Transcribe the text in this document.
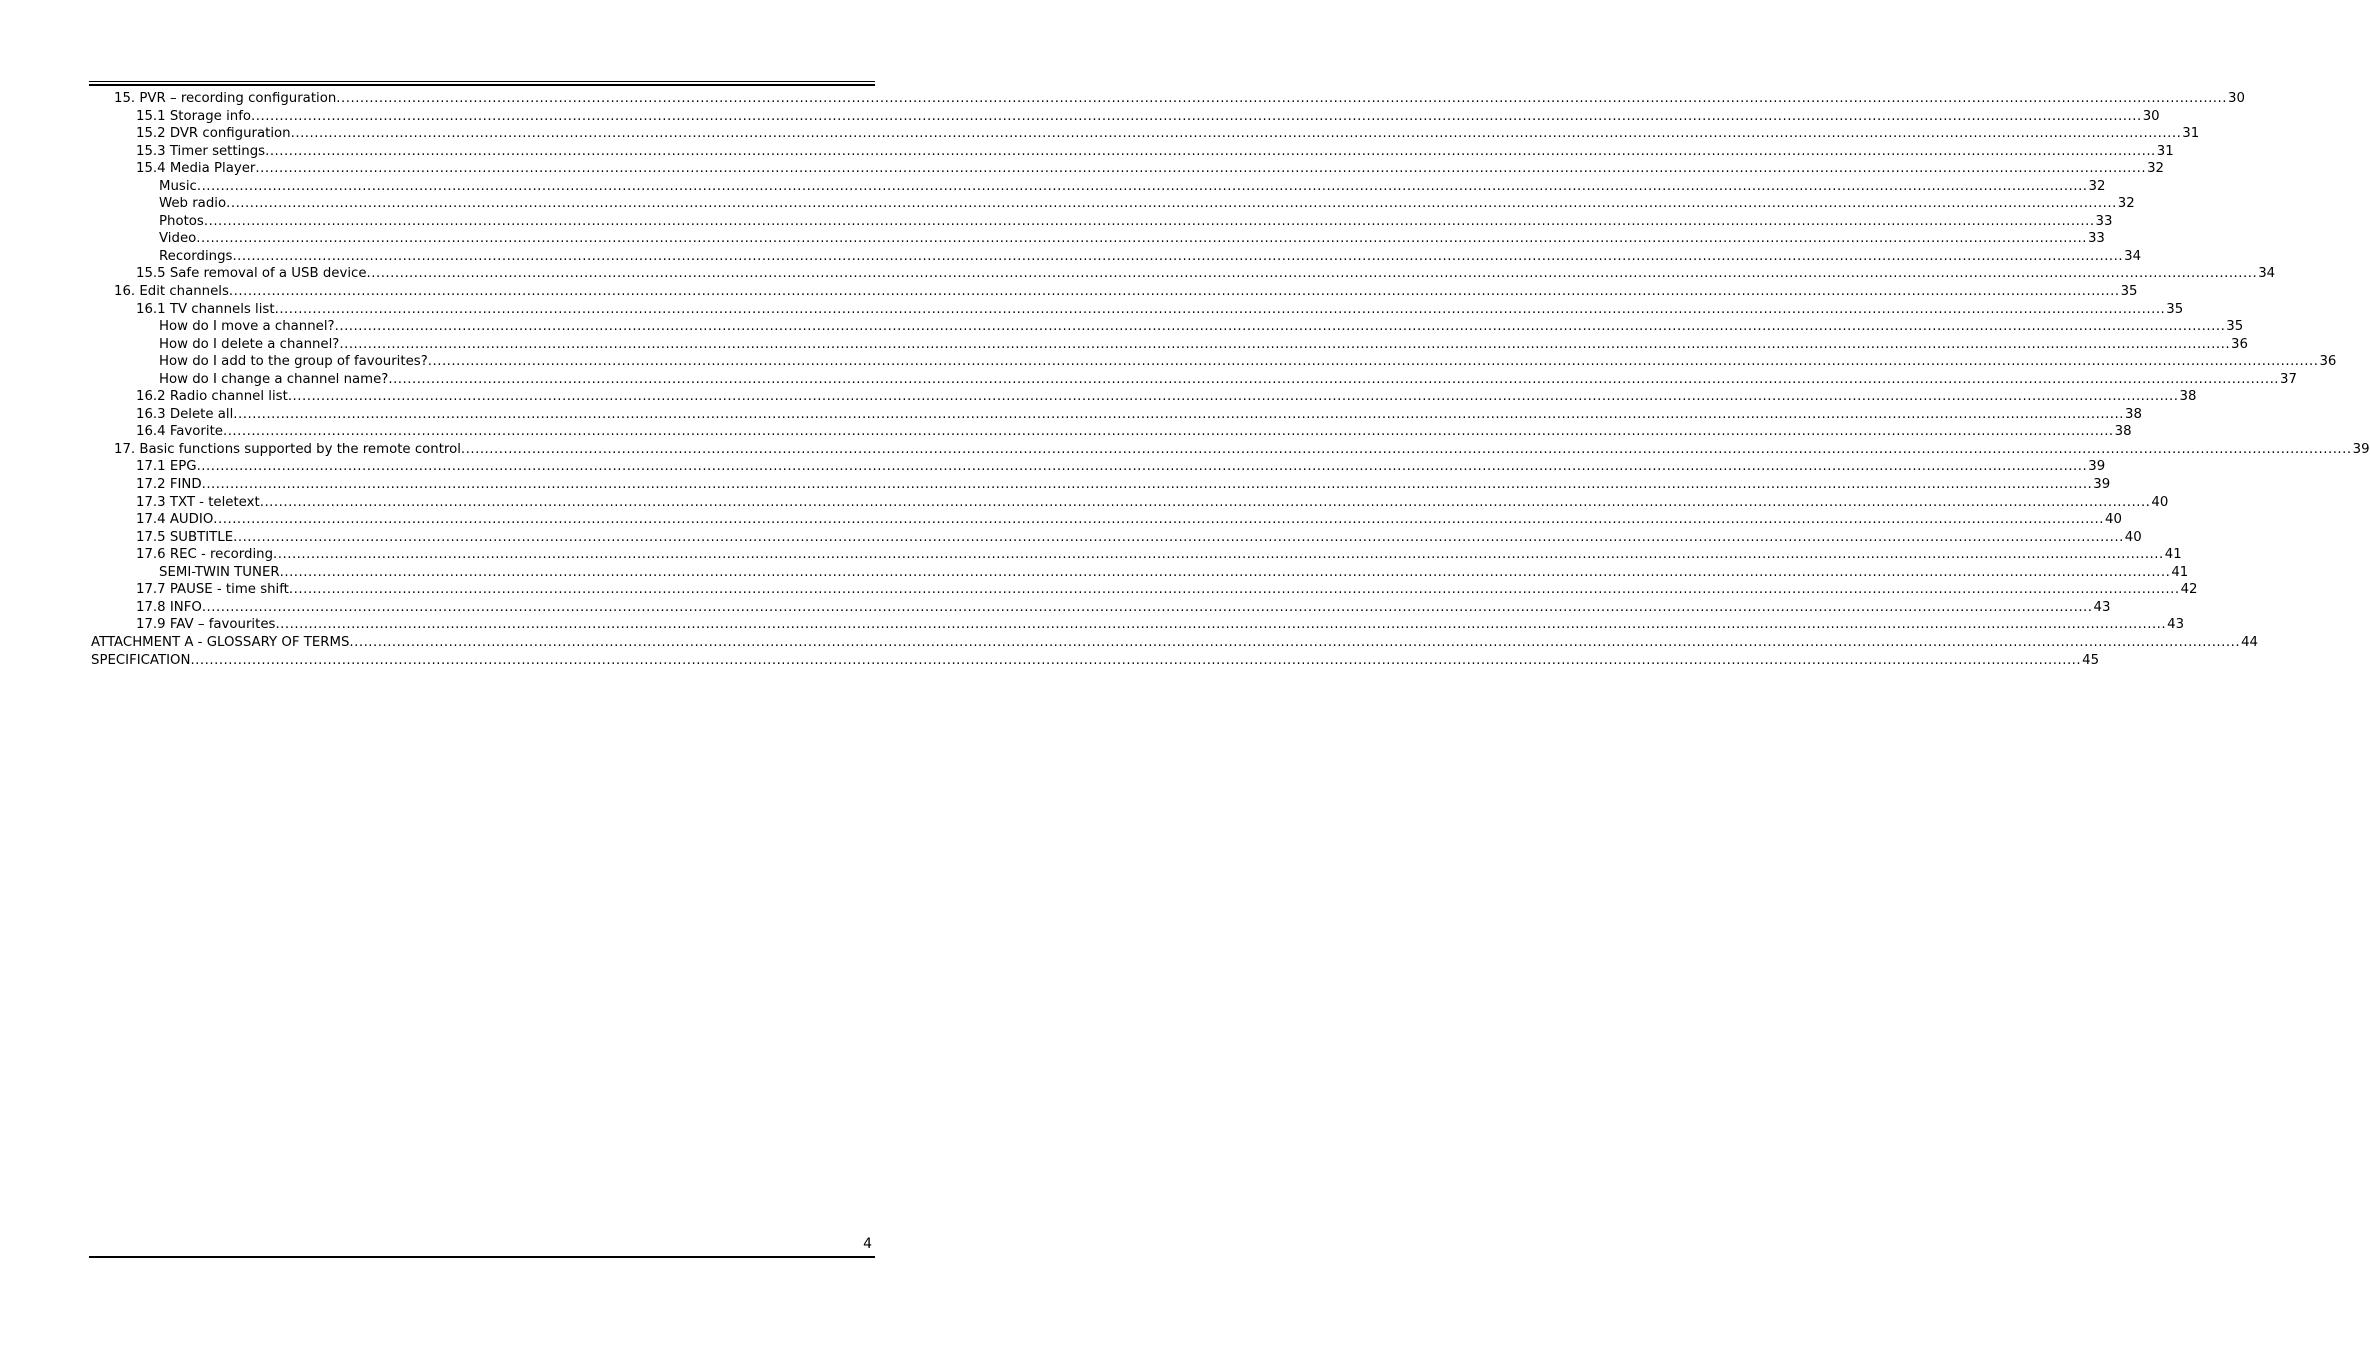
15. PVR – recording configuration ................................................................................................................................................................................................................................................................................................................................................................................................................ 30
15.1 Storage info ................................................................................................................................................................................................................................................................................................................................................................................................................ 30
15.2 DVR configuration ................................................................................................................................................................................................................................................................................................................................................................................................................ 31
15.3 Timer settings ................................................................................................................................................................................................................................................................................................................................................................................................................ 31
15.4 Media Player ................................................................................................................................................................................................................................................................................................................................................................................................................ 32
Music ................................................................................................................................................................................................................................................................................................................................................................................................................ 32
Web radio ................................................................................................................................................................................................................................................................................................................................................................................................................ 32
Photos ................................................................................................................................................................................................................................................................................................................................................................................................................ 33
Video ................................................................................................................................................................................................................................................................................................................................................................................................................ 33
Recordings ................................................................................................................................................................................................................................................................................................................................................................................................................ 34
15.5 Safe removal of a USB device ................................................................................................................................................................................................................................................................................................................................................................................................................ 34
16. Edit channels ................................................................................................................................................................................................................................................................................................................................................................................................................ 35
16.1 TV channels list ................................................................................................................................................................................................................................................................................................................................................................................................................ 35
How do I move a channel? ................................................................................................................................................................................................................................................................................................................................................................................................................ 35
How do I delete a channel? ................................................................................................................................................................................................................................................................................................................................................................................................................ 36
How do I add to the group of favourites? ................................................................................................................................................................................................................................................................................................................................................................................................................ 36
How do I change a channel name? ................................................................................................................................................................................................................................................................................................................................................................................................................ 37
16.2 Radio channel list ................................................................................................................................................................................................................................................................................................................................................................................................................ 38
16.3 Delete all ................................................................................................................................................................................................................................................................................................................................................................................................................ 38
16.4 Favorite ................................................................................................................................................................................................................................................................................................................................................................................................................ 38
17. Basic functions supported by the remote control ................................................................................................................................................................................................................................................................................................................................................................................................................ 39
17.1 EPG ................................................................................................................................................................................................................................................................................................................................................................................................................ 39
17.2 FIND ................................................................................................................................................................................................................................................................................................................................................................................................................ 39
17.3 TXT - teletext ................................................................................................................................................................................................................................................................................................................................................................................................................ 40
17.4 AUDIO ................................................................................................................................................................................................................................................................................................................................................................................................................ 40
17.5 SUBTITLE ................................................................................................................................................................................................................................................................................................................................................................................................................ 40
17.6 REC - recording ................................................................................................................................................................................................................................................................................................................................................................................................................ 41
SEMI-TWIN TUNER ................................................................................................................................................................................................................................................................................................................................................................................................................ 41
17.7 PAUSE - time shift ................................................................................................................................................................................................................................................................................................................................................................................................................ 42
17.8 INFO ................................................................................................................................................................................................................................................................................................................................................................................................................ 43
17.9 FAV – favourites ................................................................................................................................................................................................................................................................................................................................................................................................................ 43
ATTACHMENT A - GLOSSARY OF TERMS ................................................................................................................................................................................................................................................................................................................................................................................................................ 44
SPECIFICATION ................................................................................................................................................................................................................................................................................................................................................................................................................ 45
4
